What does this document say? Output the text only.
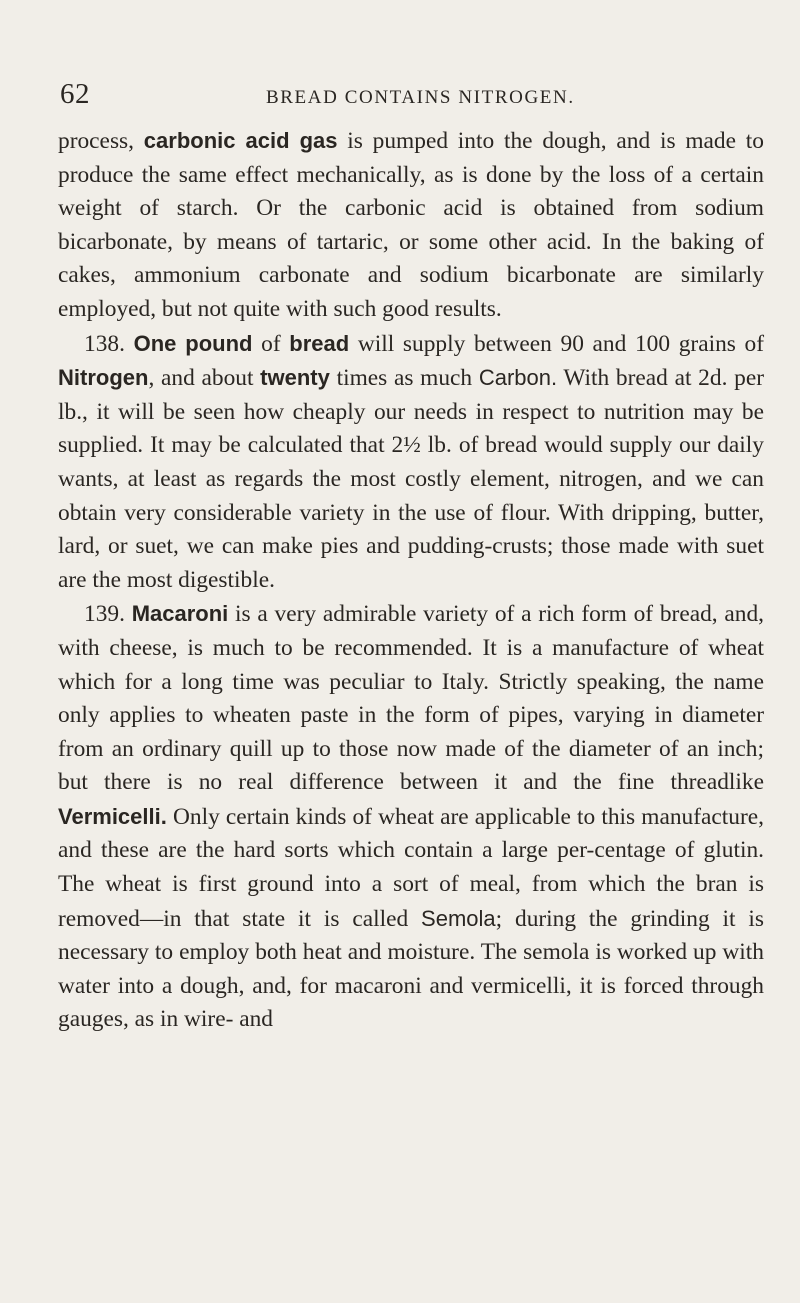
62	BREAD CONTAINS NITROGEN.

process, carbonic acid gas is pumped into the dough, and is made to produce the same effect mechanically, as is done by the loss of a certain weight of starch. Or the carbonic acid is obtained from sodium bicarbonate, by means of tartaric, or some other acid. In the baking of cakes, ammonium carbonate and sodium bicarbonate are similarly employed, but not quite with such good results.

138. One pound of bread will supply between 90 and 100 grains of Nitrogen, and about twenty times as much Carbon. With bread at 2d. per lb., it will be seen how cheaply our needs in respect to nutrition may be supplied. It may be calculated that 2½ lb. of bread would supply our daily wants, at least as regards the most costly element, nitrogen, and we can obtain very considerable variety in the use of flour. With dripping, butter, lard, or suet, we can make pies and pudding-crusts; those made with suet are the most digestible.

139. Macaroni is a very admirable variety of a rich form of bread, and, with cheese, is much to be recommended. It is a manufacture of wheat which for a long time was peculiar to Italy. Strictly speaking, the name only applies to wheaten paste in the form of pipes, varying in diameter from an ordinary quill up to those now made of the diameter of an inch; but there is no real difference between it and the fine threadlike Vermicelli. Only certain kinds of wheat are applicable to this manufacture, and these are the hard sorts which contain a large per-centage of glutin. The wheat is first ground into a sort of meal, from which the bran is removed—in that state it is called Semola; during the grinding it is necessary to employ both heat and moisture. The semola is worked up with water into a dough, and, for macaroni and vermicelli, it is forced through gauges, as in wire- and
